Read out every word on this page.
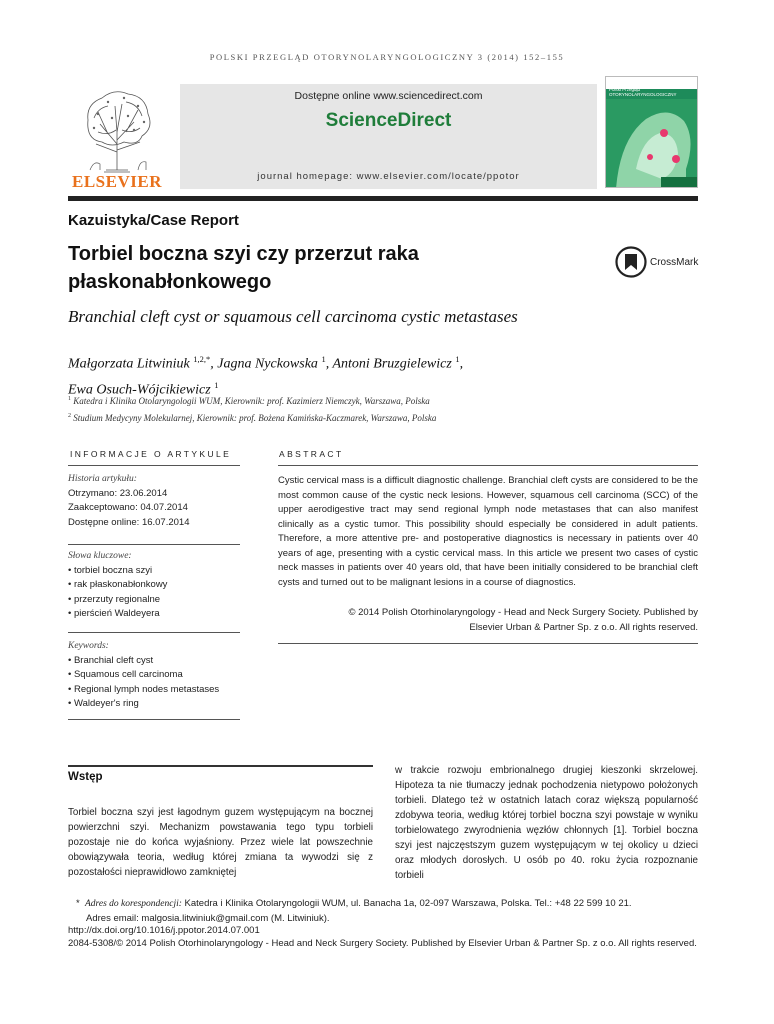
POLSKI PRZEGLĄD OTORYNOLARYNGOLOGICZNY 3 (2014) 152–155
ELSEVIER
Dostępne online www.sciencedirect.com
ScienceDirect
journal homepage: www.elsevier.com/locate/ppotor
Polski Przegląd
OTORYNOLARYNGOLOGICZNY
Kazuistyka/Case Report
Torbiel boczna szyi czy przerzut raka
płaskonabłonkowego
CrossMark
Branchial cleft cyst or squamous cell carcinoma cystic metastases
Małgorzata Litwiniuk $^{1,2,*}$, Jagna Nyckowska $^1$, Antoni Bruzgielewicz $^1$,
Ewa Osuch-Wójcikiewicz $^1$
$^1$ Katedra i Klinika Otolaryngologii WUM, Kierownik: prof. Kazimierz Niemczyk, Warszawa, Polska
$^2$ Studium Medycyny Molekularnej, Kierownik: prof. Bożena Kamińska-Kaczmarek, Warszawa, Polska
INFORMACJE O ARTYKULE
Historia artykułu:
Otrzymano: 23.06.2014
Zaakceptowano: 04.07.2014
Dostępne online: 16.07.2014
Słowa kluczowe:
• torbiel boczna szyi
• rak płaskonabłonkowy
• przerzuty regionalne
• pierścień Waldeyera
Keywords:
• Branchial cleft cyst
• Squamous cell carcinoma
• Regional lymph nodes metastases
• Waldeyer's ring
ABSTRACT
Cystic cervical mass is a difficult diagnostic challenge. Branchial cleft cysts are considered to be the most common cause of the cystic neck lesions. However, squamous cell carcinoma (SCC) of the upper aerodigestive tract may send regional lymph node metastases that can also manifest clinically as a cystic tumor. This possibility should especially be considered in adult patients. Therefore, a more attentive pre- and postoperative diagnostics is necessary in patients over 40 years of age, presenting with a cystic cervical mass. In this article we present two cases of cystic neck masses in patients over 40 years old, that have been initially considered to be branchial cleft cysts and turned out to be malignant lesions in a course of diagnostics.
© 2014 Polish Otorhinolaryngology - Head and Neck Surgery Society. Published by
Elsevier Urban & Partner Sp. z o.o. All rights reserved.
Wstęp
Torbiel boczna szyi jest łagodnym guzem występującym na bocznej powierzchni szyi. Mechanizm powstawania tego typu torbieli pozostaje nie do końca wyjaśniony. Przez wiele lat powszechnie obowiązywała teoria, według której zmiana ta wywodzi się z pozostałości nieprawidłowo zamkniętej
w trakcie rozwoju embrionalnego drugiej kieszonki skrzelowej. Hipoteza ta nie tłumaczy jednak pochodzenia nietypowo położonych torbieli. Dlatego też w ostatnich latach coraz większą popularność zdobywa teoria, według której torbiel boczna szyi powstaje w wyniku torbielowatego zwyrodnienia węzłów chłonnych [1]. Torbiel boczna szyi jest najczęstszym guzem występującym w tej okolicy u dzieci oraz młodych dorosłych. U osób po 40. roku życia rozpoznanie torbieli
* Adres do korespondencji: Katedra i Klinika Otolaryngologii WUM, ul. Banacha 1a, 02-097 Warszawa, Polska. Tel.: +48 22 599 10 21.
Adres email: malgosia.litwiniuk@gmail.com (M. Litwiniuk).
http://dx.doi.org/10.1016/j.ppotor.2014.07.001
2084-5308/© 2014 Polish Otorhinolaryngology - Head and Neck Surgery Society. Published by Elsevier Urban & Partner Sp. z o.o. All rights reserved.
